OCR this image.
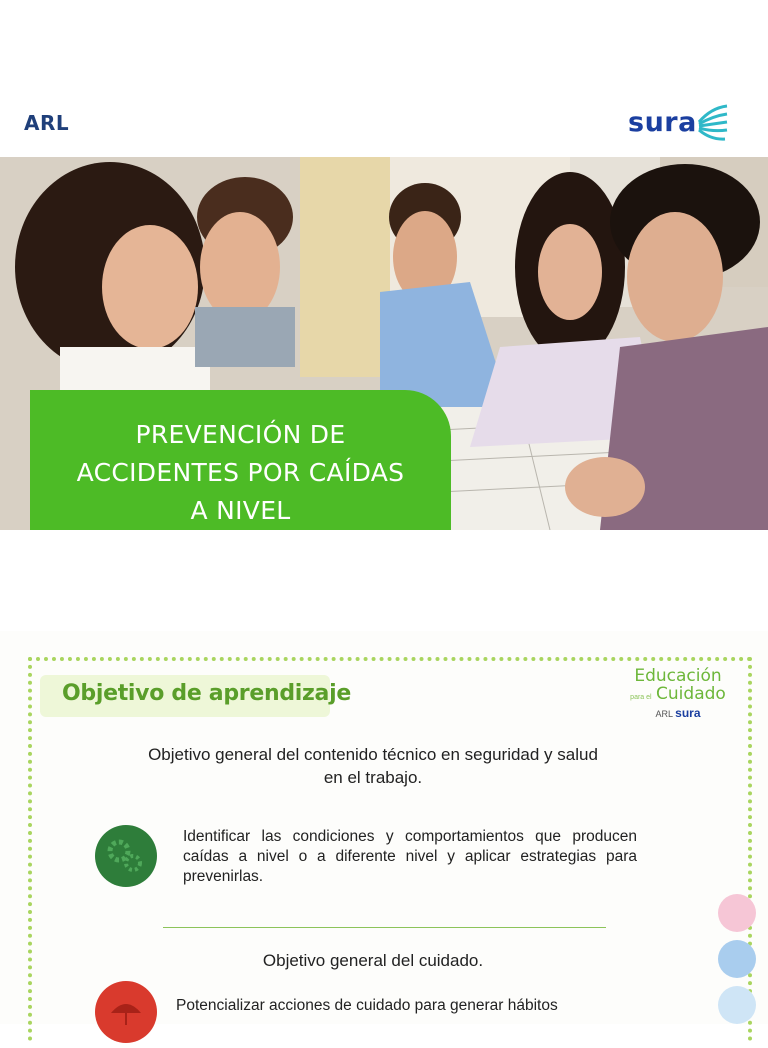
ARL	sura
PREVENCIÓN DE
ACCIDENTES POR CAÍDAS
A NIVEL
Objetivo de aprendizaje
Educación
para el Cuidado
ARL sura
Objetivo general del contenido técnico en seguridad y salud en el trabajo.
Identificar las condiciones y comportamientos que producen caídas a nivel o a diferente nivel y aplicar estrategias para prevenirlas.
Objetivo general del cuidado.
Potencializar acciones de cuidado para generar hábitos
